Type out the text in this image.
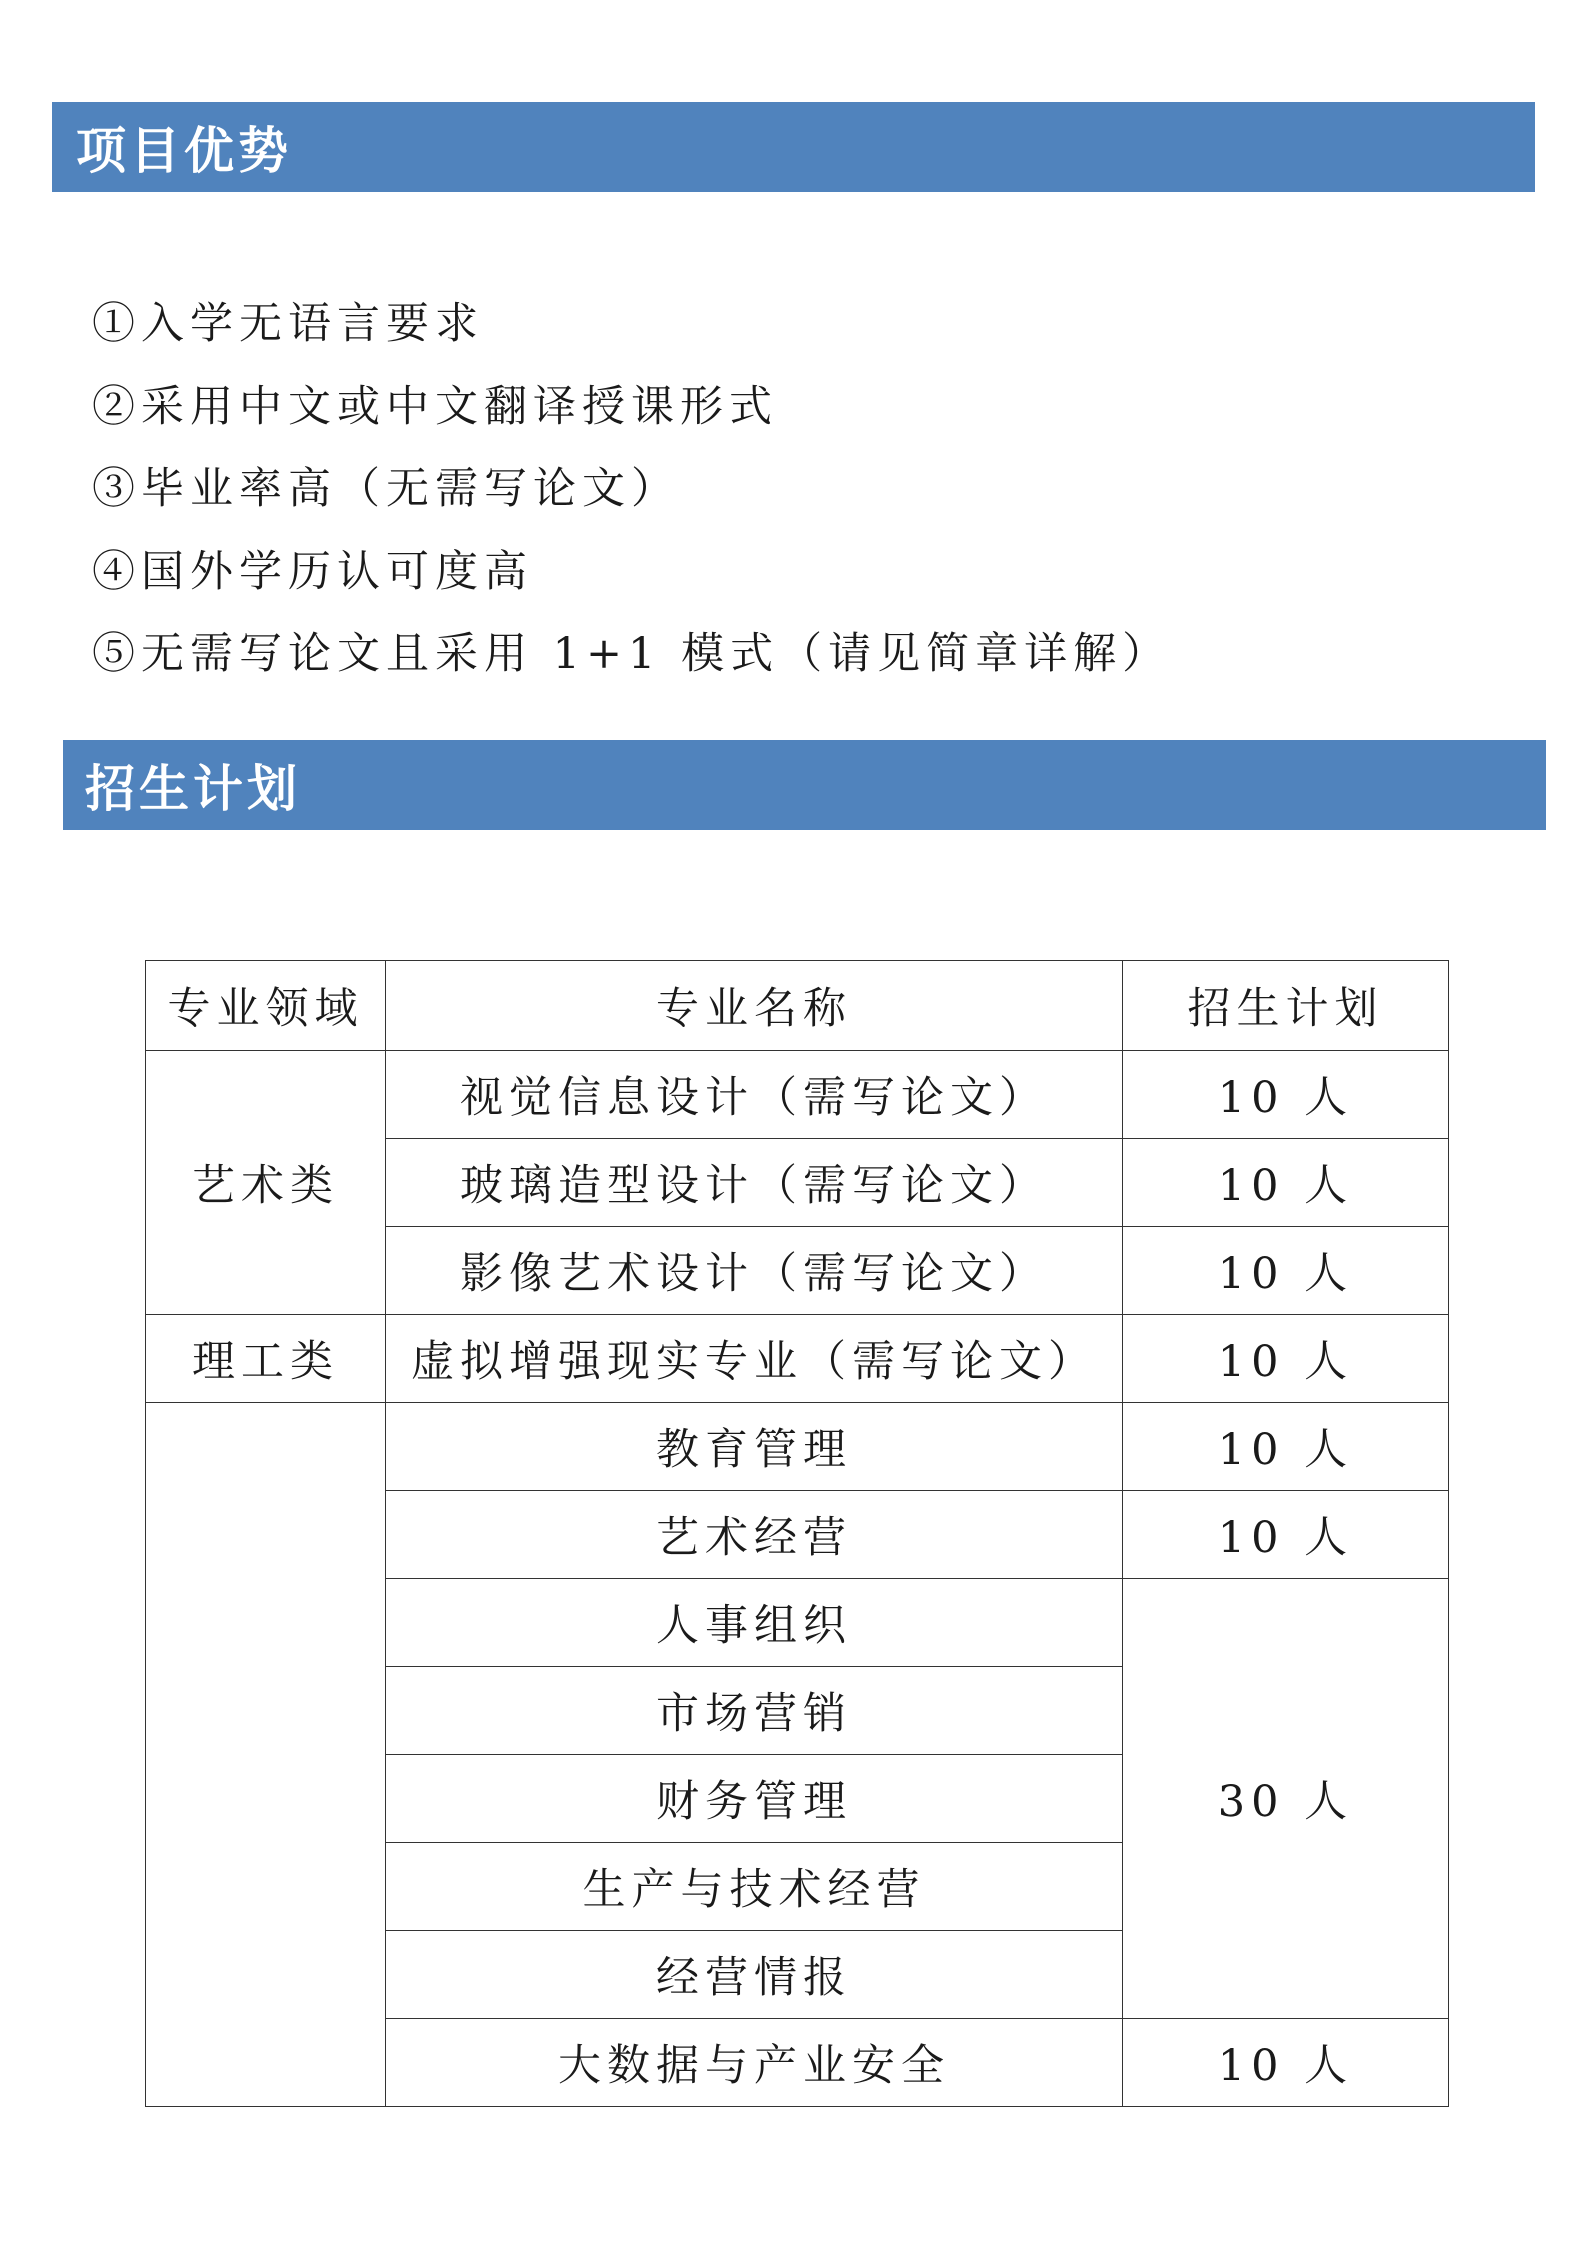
项目优势
①入学无语言要求
②采用中文或中文翻译授课形式
③毕业率高（无需写论文）
④国外学历认可度高
⑤无需写论文且采用 1+1 模式（请见简章详解）
招生计划
专业领域	专业名称	招生计划
艺术类	视觉信息设计（需写论文）	10 人
	玻璃造型设计（需写论文）	10 人
	影像艺术设计（需写论文）	10 人
理工类	虚拟增强现实专业（需写论文）	10 人
	教育管理	10 人
	艺术经营	10 人
	人事组织	30 人
	市场营销	
	财务管理	
	生产与技术经营	
	经营情报	
	大数据与产业安全	10 人
